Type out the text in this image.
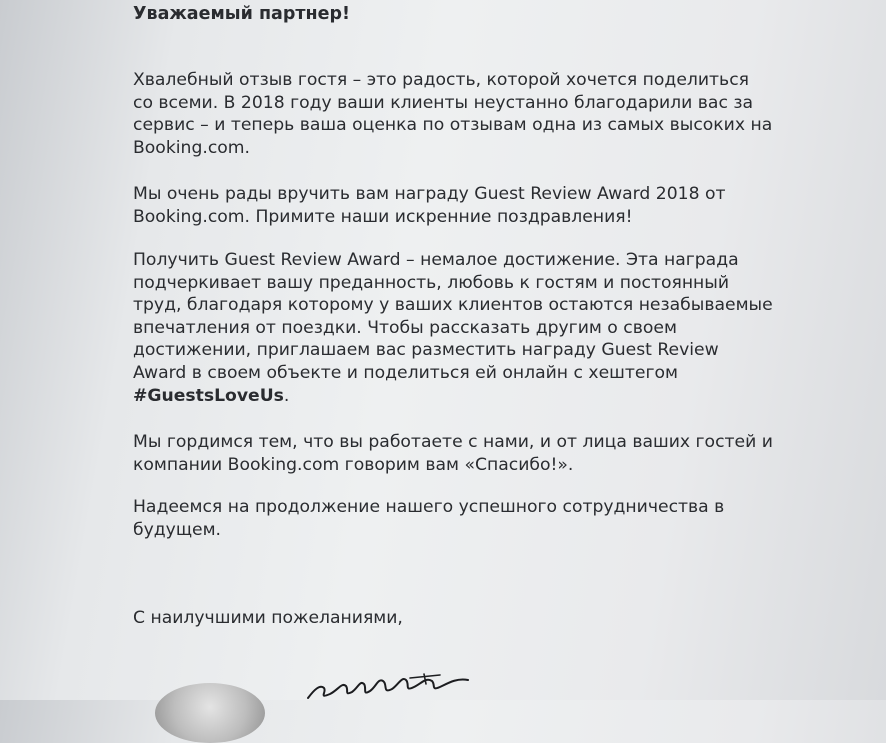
Уважаемый партнер!

Хвалебный отзыв гостя – это радость, которой хочется поделиться со всеми. В 2018 году ваши клиенты неустанно благодарили вас за сервис – и теперь ваша оценка по отзывам одна из самых высоких на Booking.com.

Мы очень рады вручить вам награду Guest Review Award 2018 от Booking.com. Примите наши искренние поздравления!

Получить Guest Review Award – немалое достижение. Эта награда подчеркивает вашу преданность, любовь к гостям и постоянный труд, благодаря которому у ваших клиентов остаются незабываемые впечатления от поездки. Чтобы рассказать другим о своем достижении, приглашаем вас разместить награду Guest Review Award в своем объекте и поделиться ей онлайн с хештегом #GuestsLoveUs.

Мы гордимся тем, что вы работаете с нами, и от лица ваших гостей и компании Booking.com говорим вам «Спасибо!».

Надеемся на продолжение нашего успешного сотрудничества в будущем.

С наилучшими пожеланиями,
